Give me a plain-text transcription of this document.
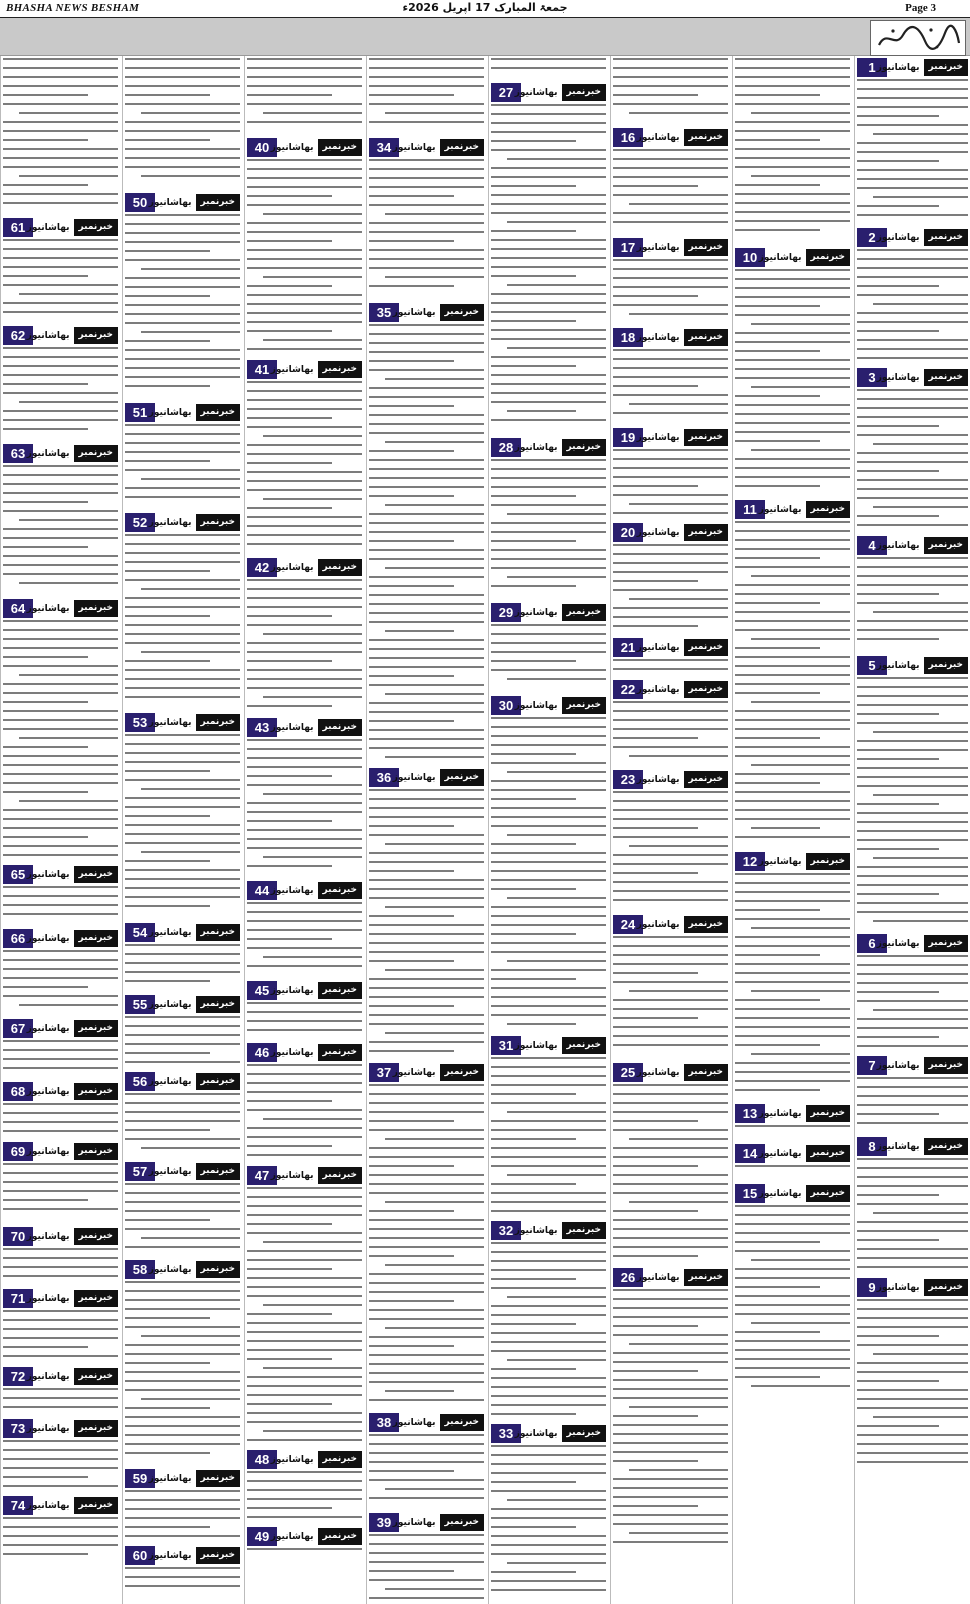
BHASHA NEWS BESHAM	جمعۃ المبارک 17 اپریل 2026ء	Page 3
1	خبرنمبر
بھاشانیوز
2	خبرنمبر
بھاشانیوز
3	خبرنمبر
بھاشانیوز
4	خبرنمبر
بھاشانیوز
5	خبرنمبر
بھاشانیوز
6	خبرنمبر
بھاشانیوز
7	خبرنمبر
بھاشانیوز
8	خبرنمبر
بھاشانیوز
9	خبرنمبر
بھاشانیوز
10	خبرنمبر
بھاشانیوز
11	خبرنمبر
بھاشانیوز
12	خبرنمبر
بھاشانیوز
13	خبرنمبر
بھاشانیوز
14	خبرنمبر
بھاشانیوز
15	خبرنمبر
بھاشانیوز
16	خبرنمبر
بھاشانیوز
17	خبرنمبر
بھاشانیوز
18	خبرنمبر
بھاشانیوز
19	خبرنمبر
بھاشانیوز
20	خبرنمبر
بھاشانیوز
21	خبرنمبر
بھاشانیوز
22	خبرنمبر
بھاشانیوز
23	خبرنمبر
بھاشانیوز
24	خبرنمبر
بھاشانیوز
25	خبرنمبر
بھاشانیوز
26	خبرنمبر
بھاشانیوز
27	خبرنمبر
بھاشانیوز
28	خبرنمبر
بھاشانیوز
29	خبرنمبر
بھاشانیوز
30	خبرنمبر
بھاشانیوز
31	خبرنمبر
بھاشانیوز
32	خبرنمبر
بھاشانیوز
33	خبرنمبر
بھاشانیوز
34	خبرنمبر
بھاشانیوز
35	خبرنمبر
بھاشانیوز
36	خبرنمبر
بھاشانیوز
37	خبرنمبر
بھاشانیوز
38	خبرنمبر
بھاشانیوز
39	خبرنمبر
بھاشانیوز
40	خبرنمبر
بھاشانیوز
41	خبرنمبر
بھاشانیوز
42	خبرنمبر
بھاشانیوز
43	خبرنمبر
بھاشانیوز
44	خبرنمبر
بھاشانیوز
45	خبرنمبر
بھاشانیوز
46	خبرنمبر
بھاشانیوز
47	خبرنمبر
بھاشانیوز
48	خبرنمبر
بھاشانیوز
49	خبرنمبر
بھاشانیوز
50	خبرنمبر
بھاشانیوز
51	خبرنمبر
بھاشانیوز
52	خبرنمبر
بھاشانیوز
53	خبرنمبر
بھاشانیوز
54	خبرنمبر
بھاشانیوز
55	خبرنمبر
بھاشانیوز
56	خبرنمبر
بھاشانیوز
57	خبرنمبر
بھاشانیوز
58	خبرنمبر
بھاشانیوز
59	خبرنمبر
بھاشانیوز
60	خبرنمبر
بھاشانیوز
61	خبرنمبر
بھاشانیوز
62	خبرنمبر
بھاشانیوز
63	خبرنمبر
بھاشانیوز
64	خبرنمبر
بھاشانیوز
65	خبرنمبر
بھاشانیوز
66	خبرنمبر
بھاشانیوز
67	خبرنمبر
بھاشانیوز
68	خبرنمبر
بھاشانیوز
69	خبرنمبر
بھاشانیوز
70	خبرنمبر
بھاشانیوز
71	خبرنمبر
بھاشانیوز
72	خبرنمبر
بھاشانیوز
73	خبرنمبر
بھاشانیوز
74	خبرنمبر
بھاشانیوز
